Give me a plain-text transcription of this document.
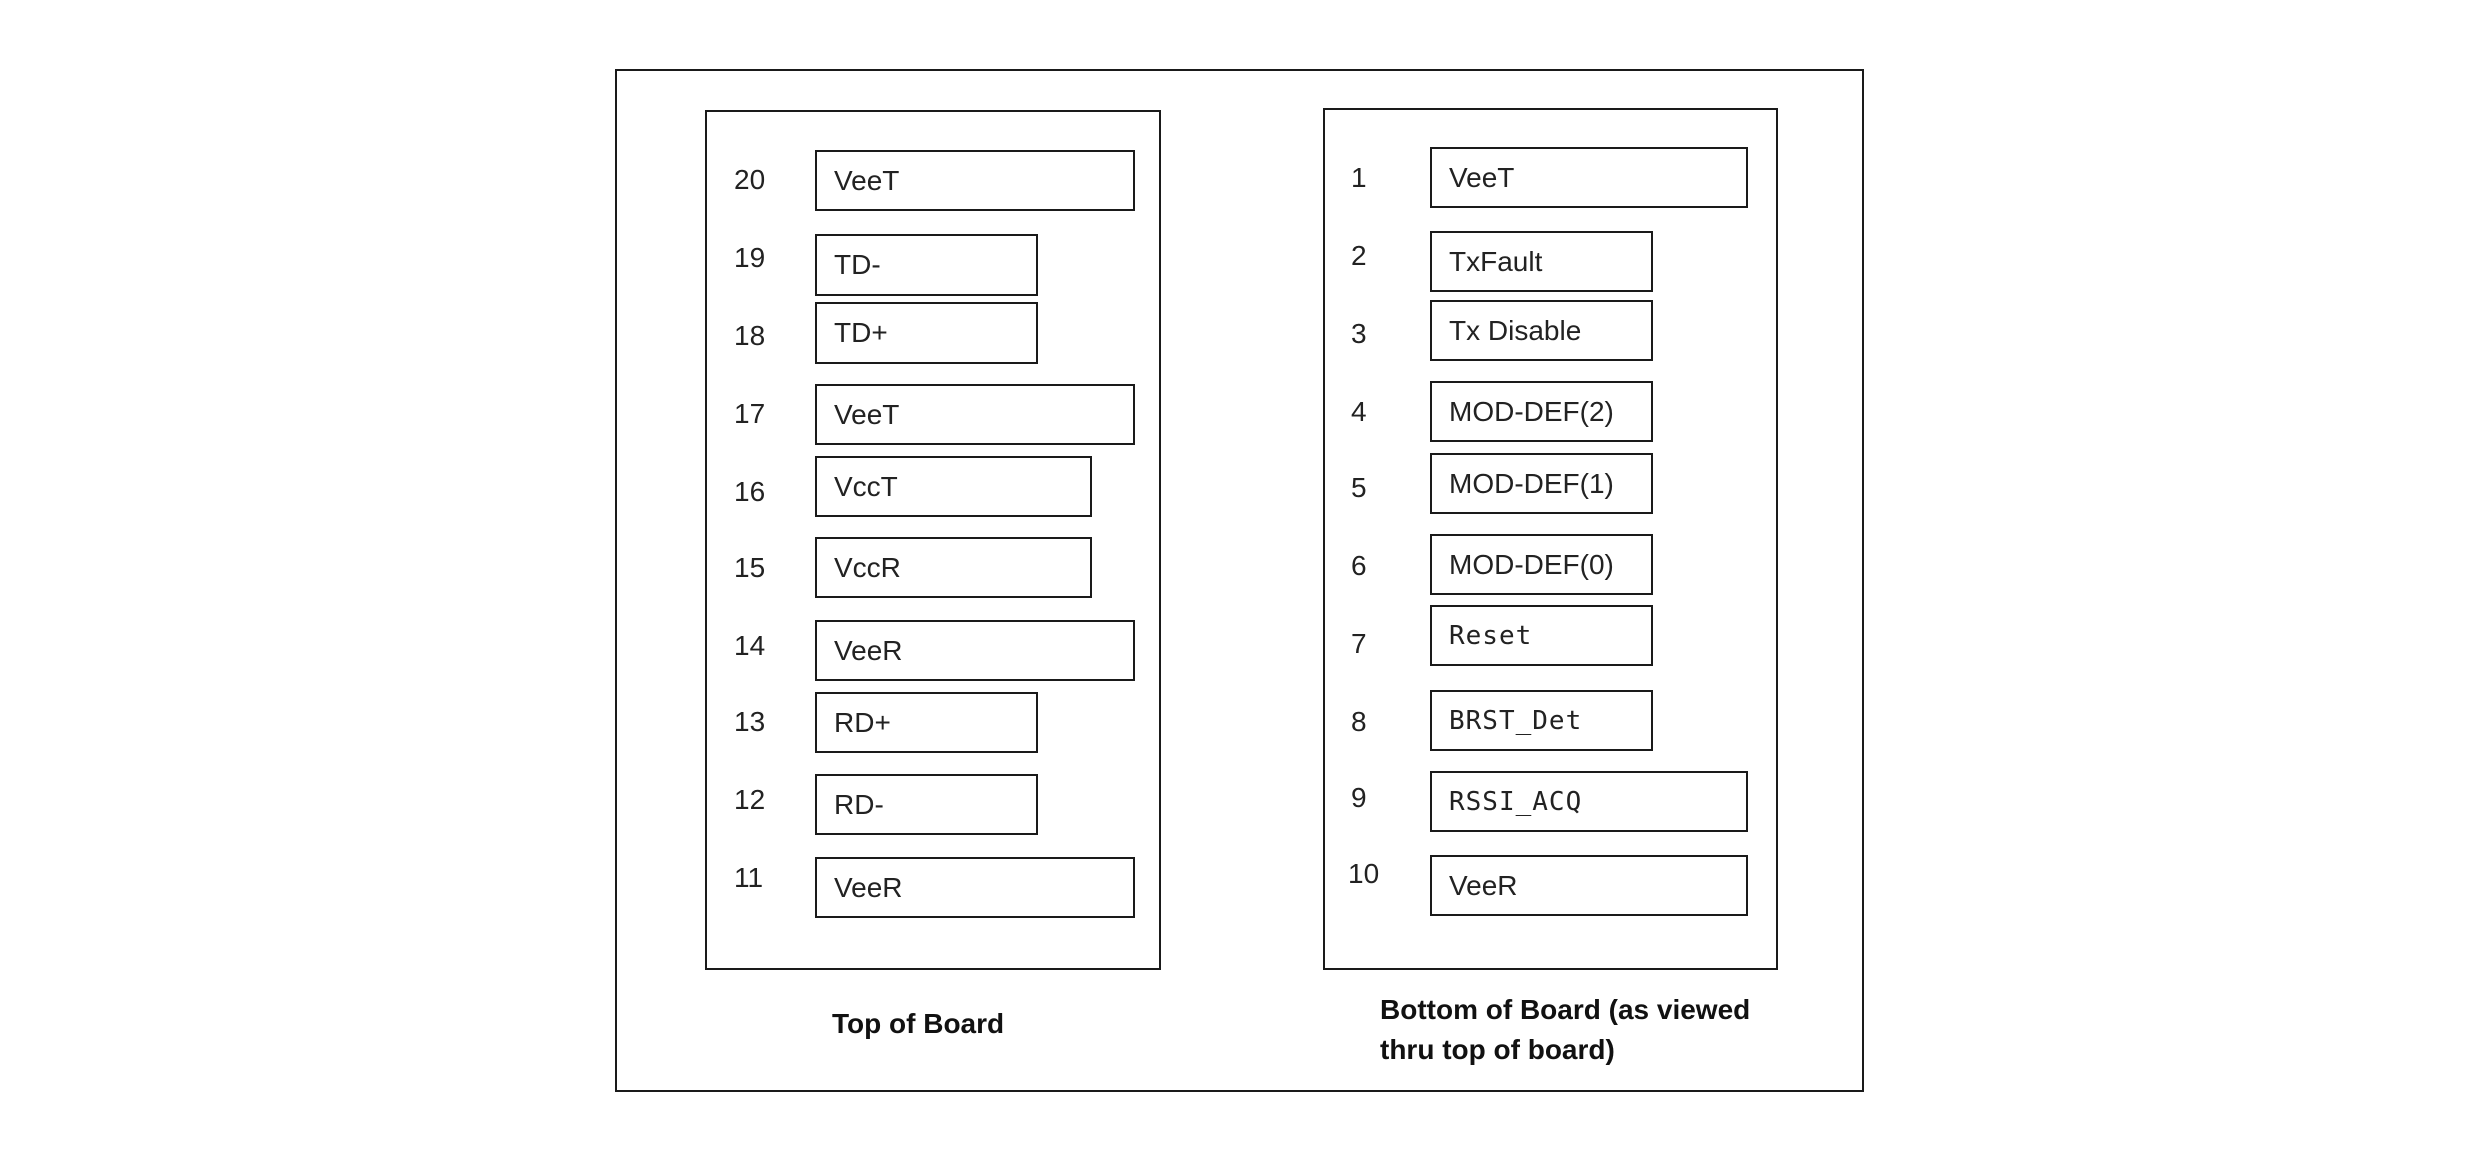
20	VeeT
19	TD-
18	TD+
17	VeeT
16	VccT
15	VccR
14	VeeR
13	RD+
12	RD-
11	VeeR
1	VeeT
2	TxFault
3	Tx Disable
4	MOD-DEF(2)
5	MOD-DEF(1)
6	MOD-DEF(0)
7	Reset
8	BRST_Det
9	RSSI_ACQ
10	VeeR
Top of Board	Bottom of Board (as viewed
thru top of board)
